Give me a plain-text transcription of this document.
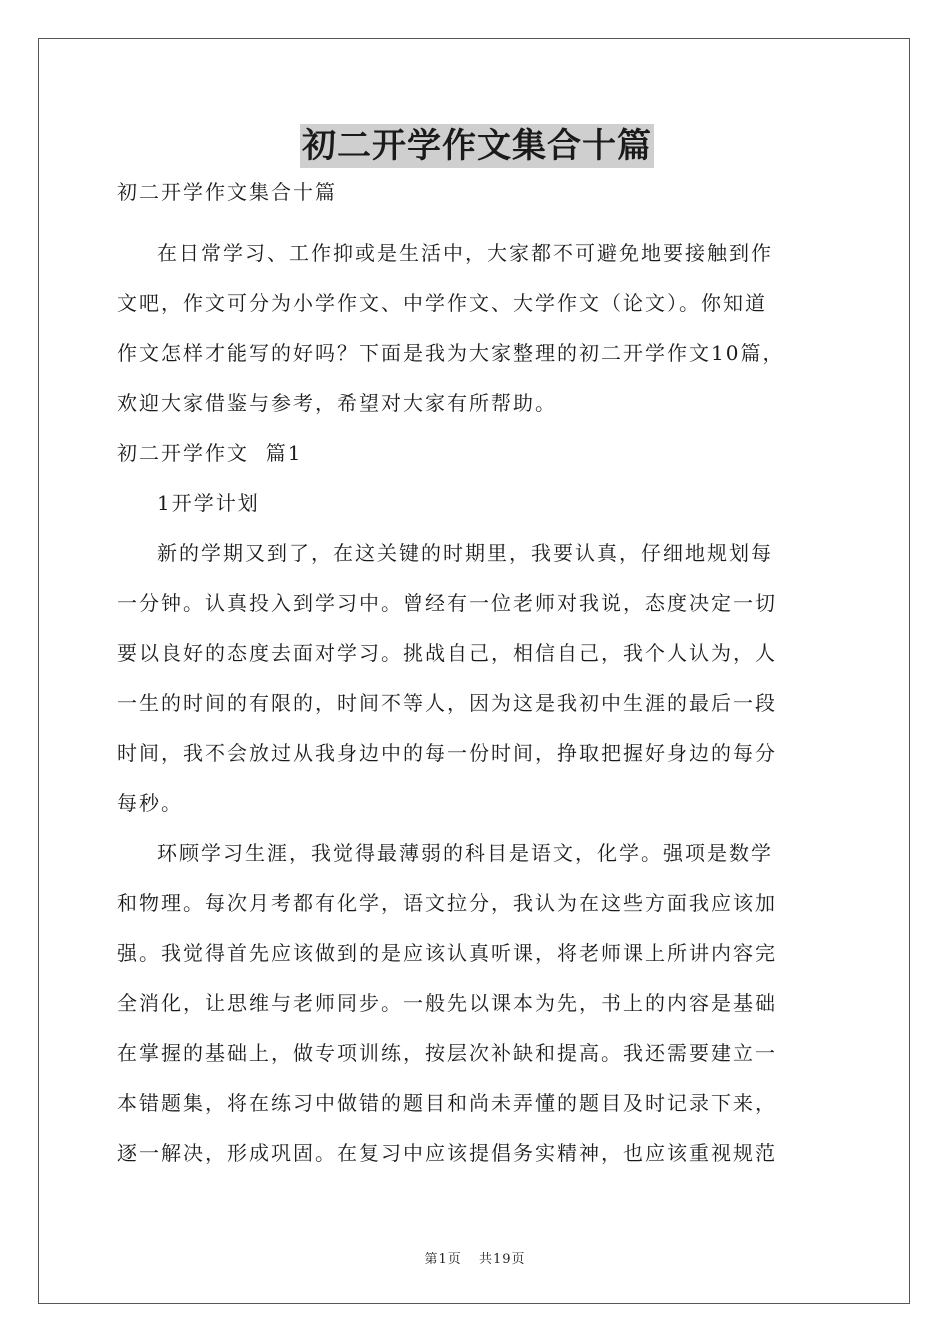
初二开学作文集合十篇

初二开学作文集合十篇

在日常学习、工作抑或是生活中，大家都不可避免地要接触到作

文吧，作文可分为小学作文、中学作文、大学作文（论文）。你知道

作文怎样才能写的好吗？下面是我为大家整理的初二开学作文10篇，

欢迎大家借鉴与参考，希望对大家有所帮助。

初二开学作文  篇1

1开学计划

新的学期又到了，在这关键的时期里，我要认真，仔细地规划每

一分钟。认真投入到学习中。曾经有一位老师对我说，态度决定一切

要以良好的态度去面对学习。挑战自己，相信自己，我个人认为，人

一生的时间的有限的，时间不等人，因为这是我初中生涯的最后一段

时间，我不会放过从我身边中的每一份时间，挣取把握好身边的每分

每秒。

环顾学习生涯，我觉得最薄弱的科目是语文，化学。强项是数学

和物理。每次月考都有化学，语文拉分，我认为在这些方面我应该加

强。我觉得首先应该做到的是应该认真听课，将老师课上所讲内容完

全消化，让思维与老师同步。一般先以课本为先，书上的内容是基础

在掌握的基础上，做专项训练，按层次补缺和提高。我还需要建立一

本错题集，将在练习中做错的题目和尚未弄懂的题目及时记录下来，

逐一解决，形成巩固。在复习中应该提倡务实精神，也应该重视规范

第1页 共19页
